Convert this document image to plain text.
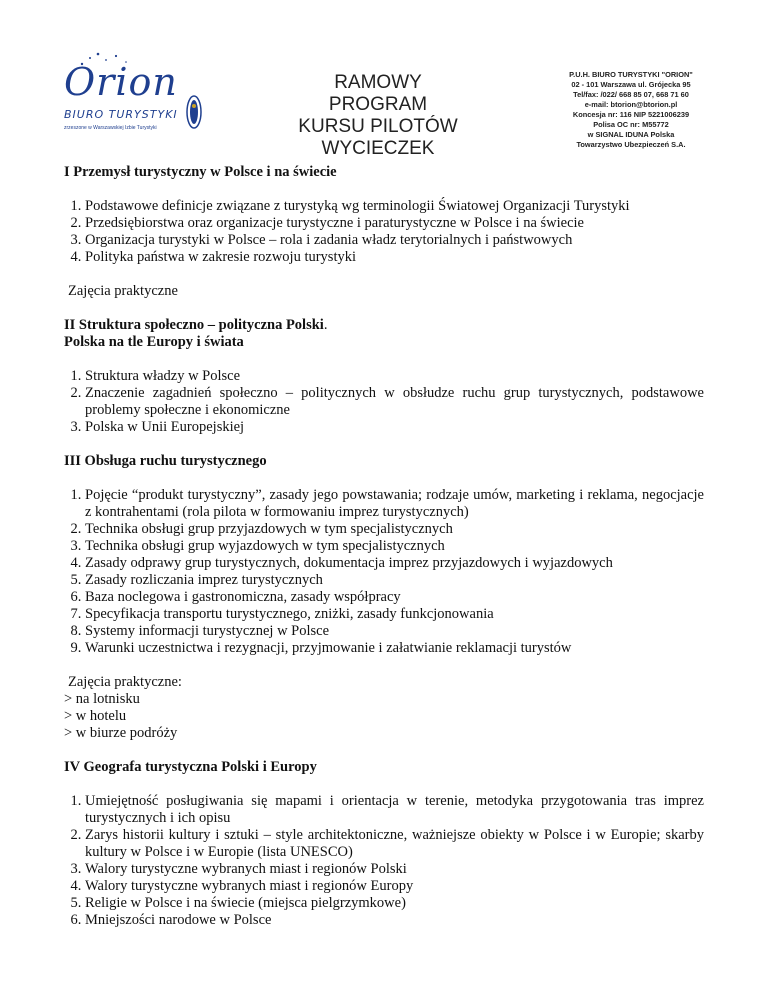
Orion
BIURO TURYSTYKI
zrzeszone w Warszawskiej Izbie Turystyki
RAMOWY PROGRAM
KURSU PILOTÓW
WYCIECZEK
P.U.H. BIURO TURYSTYKI "ORION"
02 - 101 Warszawa ul. Grójecka 95
Tel/fax: /022/ 668 85 07, 668 71 60
e-mail: btorion@btorion.pl
Koncesja nr: 116 NIP 5221006239
Polisa OC nr: M55772
w SIGNAL IDUNA Polska
Towarzystwo Ubezpieczeń S.A.
I Przemysł turystyczny w Polsce i na świecie
1. Podstawowe definicje związane z turystyką wg terminologii Światowej Organizacji Turystyki
2. Przedsiębiorstwa oraz organizacje turystyczne i paraturystyczne w Polsce i na świecie
3. Organizacja turystyki w Polsce – rola i zadania władz terytorialnych i państwowych
4. Polityka państwa w zakresie rozwoju turystyki

Zajęcia praktyczne

II Struktura społeczno – polityczna Polski.
Polska na tle Europy i świata
1. Struktura władzy w Polsce
2. Znaczenie zagadnień społeczno – politycznych w obsłudze ruchu grup turystycznych, podstawowe problemy społeczne i ekonomiczne
3. Polska w Unii Europejskiej
III Obsługa ruchu turystycznego
1. Pojęcie “produkt turystyczny”, zasady jego powstawania; rodzaje umów, marketing i reklama, negocjacje z kontrahentami (rola pilota w formowaniu imprez turystycznych)
2. Technika obsługi grup przyjazdowych w tym specjalistycznych
3. Technika obsługi grup wyjazdowych w tym specjalistycznych
4. Zasady odprawy grup turystycznych, dokumentacja imprez przyjazdowych i wyjazdowych
5. Zasady rozliczania imprez turystycznych
6. Baza noclegowa i gastronomiczna, zasady współpracy
7. Specyfikacja transportu turystycznego, zniżki, zasady funkcjonowania
8. Systemy informacji turystycznej w Polsce
9. Warunki uczestnictwa i rezygnacji, przyjmowanie i załatwianie reklamacji turystów

Zajęcia praktyczne:

> na lotnisku

> w hotelu

> w biurze podróży

IV Geografa turystyczna Polski i Europy
1. Umiejętność posługiwania się mapami i orientacja w terenie, metodyka przygotowania tras imprez turystycznych i ich opisu
2. Zarys historii kultury i sztuki – style architektoniczne, ważniejsze obiekty w Polsce i w Europie; skarby kultury w Polsce i w Europie (lista UNESCO)
3. Walory turystyczne wybranych miast i regionów Polski
4. Walory turystyczne wybranych miast i regionów Europy
5. Religie w Polsce i na świecie (miejsca pielgrzymkowe)
6. Mniejszości narodowe w Polsce
